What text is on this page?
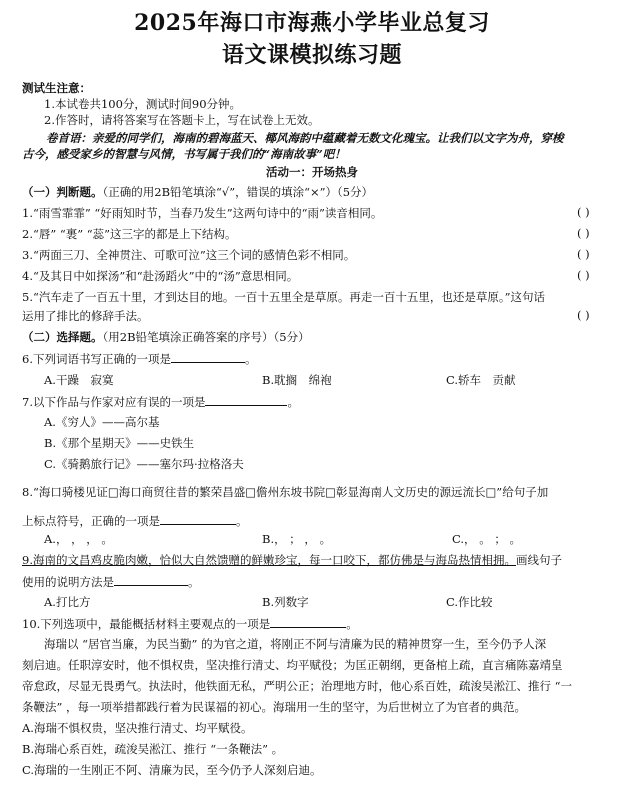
2025年海口市海燕小学毕业总复习
语文课模拟练习题
测试生注意：
1.本试卷共100分，测试时间90分钟。
2.作答时，请将答案写在答题卡上，写在试卷上无效。
卷首语：亲爱的同学们，海南的碧海蓝天、椰风海韵中蕴藏着无数文化瑰宝。让我们以文字为舟，穿梭
古今，感受家乡的智慧与风情，书写属于我们的“海南故事”吧！
活动一：开场热身
（一）判断题。（正确的用2B铅笔填涂“√”，错误的填涂“×”）（5分）
1.“雨雪霏霏” “好雨知时节，当春乃发生”这两句诗中的“雨”读音相同。	( )
2.“唇” “裹” “蕊”这三字的都是上下结构。	( )
3.“两面三刀、全神贯注、可歌可泣”这三个词的感情色彩不相同。	( )
4.“及其日中如探汤”和“赴汤蹈火”中的“汤”意思相同。	( )
5.“汽车走了一百五十里，才到达目的地。一百十五里全是草原。再走一百十五里，也还是草原。”这句话
运用了排比的修辞手法。	( )
（二）选择题。（用2B铅笔填涂正确答案的序号）（5分）
6.下列词语书写正确的一项是	。
A.干躁　寂寞	B.耽搁　绵袍	C.轿车　贡献
7.以下作品与作家对应有误的一项是	。
A.《穷人》——高尔基
B.《那个星期天》——史铁生
C.《骑鹅旅行记》——塞尔玛·拉格洛夫
8.“海口骑楼见证□海口商贸往昔的繁荣昌盛□儋州东坡书院□彰显海南人文历史的源远流长□”给句子加
上标点符号，正确的一项是	。
A.， ， ， 。	B.， ； ， 。	C.， 。 ； 。
9.海南的文昌鸡皮脆肉嫩，恰似大自然馈赠的鲜嫩珍宝，每一口咬下，都仿佛是与海岛热情相拥。画线句子
使用的说明方法是	。
A.打比方	B.列数字	C.作比较
10.下列选项中，最能概括材料主要观点的一项是	。
海瑞以 “居官当廉，为民当勤” 的为官之道，将刚正不阿与清廉为民的精神贯穿一生，至今仍予人深
刻启迪。任职淳安时，他不惧权贵，坚决推行清丈、均平赋役；为匡正朝纲，更备棺上疏，直言痛陈嘉靖皇
帝怠政，尽显无畏勇气。执法时，他铁面无私，严明公正；治理地方时，他心系百姓，疏浚吴淞江、推行 “一
条鞭法” ，每一项举措都践行着为民谋福的初心。海瑞用一生的坚守，为后世树立了为官者的典范。
A.海瑞不惧权贵，坚决推行清丈、均平赋役。
B.海瑞心系百姓，疏浚吴淞江、推行 “一条鞭法” 。
C.海瑞的一生刚正不阿、清廉为民，至今仍予人深刻启迪。
